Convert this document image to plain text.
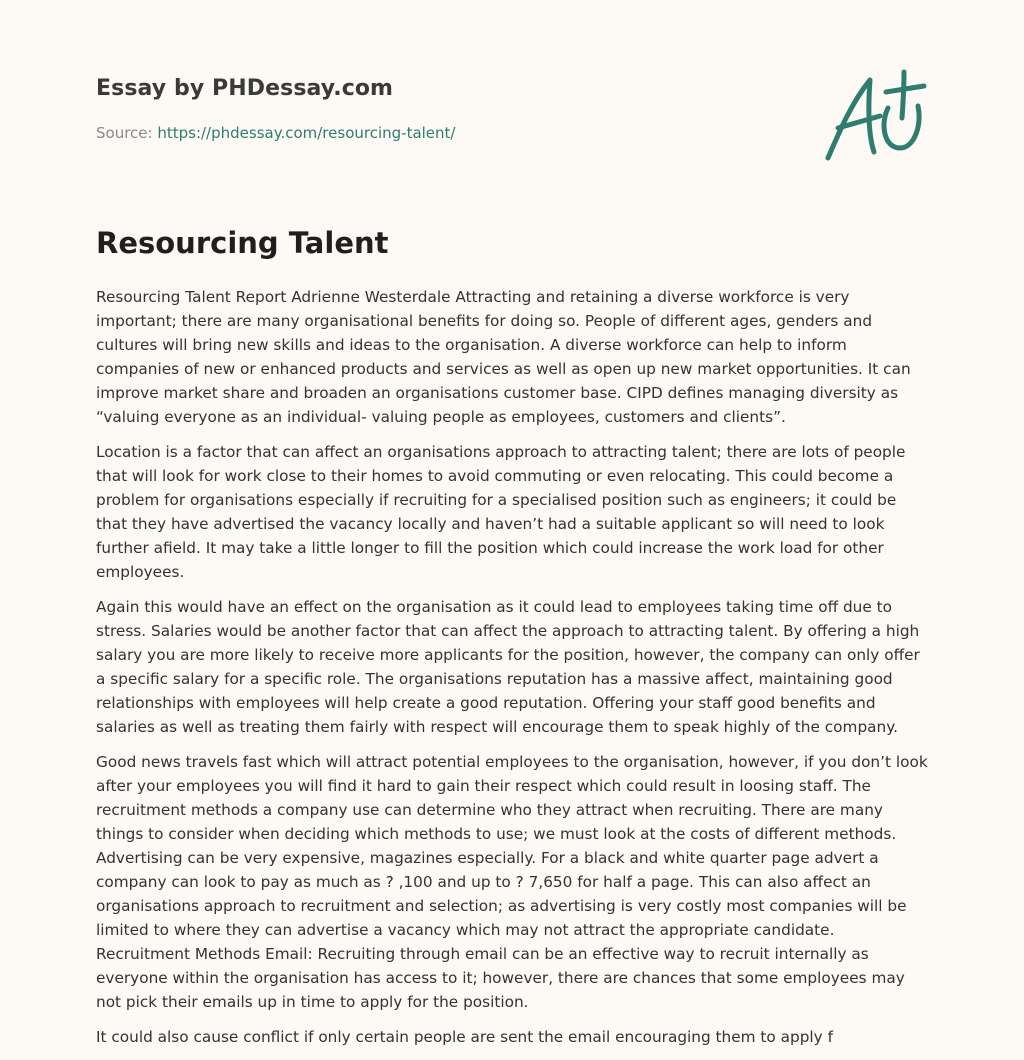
Essay by PHDessay.com
Source: https://phdessay.com/resourcing-talent/
Resourcing Talent

Resourcing Talent Report Adrienne Westerdale Attracting and retaining a diverse workforce is very important; there are many organisational benefits for doing so. People of different ages, genders and cultures will bring new skills and ideas to the organisation. A diverse workforce can help to inform companies of new or enhanced products and services as well as open up new market opportunities. It can improve market share and broaden an organisations customer base. CIPD defines managing diversity as “valuing everyone as an individual- valuing people as employees, customers and clients”.

Location is a factor that can affect an organisations approach to attracting talent; there are lots of people that will look for work close to their homes to avoid commuting or even relocating. This could become a problem for organisations especially if recruiting for a specialised position such as engineers; it could be that they have advertised the vacancy locally and haven’t had a suitable applicant so will need to look further afield. It may take a little longer to fill the position which could increase the work load for other employees.

Again this would have an effect on the organisation as it could lead to employees taking time off due to stress. Salaries would be another factor that can affect the approach to attracting talent. By offering a high salary you are more likely to receive more applicants for the position, however, the company can only offer a specific salary for a specific role. The organisations reputation has a massive affect, maintaining good relationships with employees will help create a good reputation. Offering your staff good benefits and salaries as well as treating them fairly with respect will encourage them to speak highly of the company.

Good news travels fast which will attract potential employees to the organisation, however, if you don’t look after your employees you will find it hard to gain their respect which could result in loosing staff. The recruitment methods a company use can determine who they attract when recruiting. There are many things to consider when deciding which methods to use; we must look at the costs of different methods. Advertising can be very expensive, magazines especially. For a black and white quarter page advert a company can look to pay as much as ? ,100 and up to ? 7,650 for half a page. This can also affect an organisations approach to recruitment and selection; as advertising is very costly most companies will be limited to where they can advertise a vacancy which may not attract the appropriate candidate. Recruitment Methods Email: Recruiting through email can be an effective way to recruit internally as everyone within the organisation has access to it; however, there are chances that some employees may not pick their emails up in time to apply for the position.

It could also cause conflict if only certain people are sent the email encouraging them to apply f
